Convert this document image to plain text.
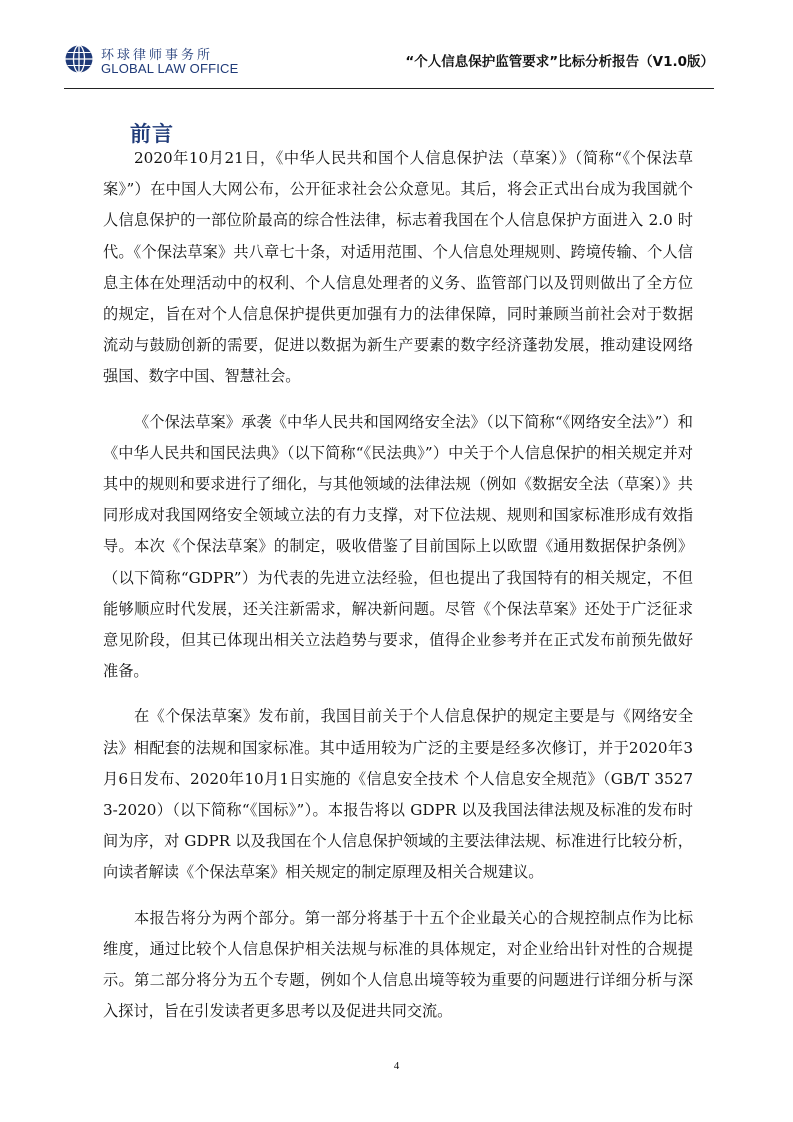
环球律师事务所
GLOBAL LAW OFFICE	“个人信息保护监管要求”比标分析报告（V1.0版）
前言

2020年10月21日，《中华人民共和国个人信息保护法（草案）》（简称“《个保法草案》”）在中国人大网公布，公开征求社会公众意见。其后，将会正式出台成为我国就个人信息保护的一部位阶最高的综合性法律，标志着我国在个人信息保护方面进入 2.0 时代。《个保法草案》共八章七十条，对适用范围、个人信息处理规则、跨境传输、个人信息主体在处理活动中的权利、个人信息处理者的义务、监管部门以及罚则做出了全方位的规定，旨在对个人信息保护提供更加强有力的法律保障，同时兼顾当前社会对于数据流动与鼓励创新的需要，促进以数据为新生产要素的数字经济蓬勃发展，推动建设网络强国、数字中国、智慧社会。

《个保法草案》承袭《中华人民共和国网络安全法》（以下简称“《网络安全法》”）和《中华人民共和国民法典》（以下简称“《民法典》”）中关于个人信息保护的相关规定并对其中的规则和要求进行了细化，与其他领域的法律法规（例如《数据安全法（草案）》共同形成对我国网络安全领域立法的有力支撑，对下位法规、规则和国家标准形成有效指导。本次《个保法草案》的制定，吸收借鉴了目前国际上以欧盟《通用数据保护条例》（以下简称“GDPR”）为代表的先进立法经验，但也提出了我国特有的相关规定，不但能够顺应时代发展，还关注新需求，解决新问题。尽管《个保法草案》还处于广泛征求意见阶段，但其已体现出相关立法趋势与要求，值得企业参考并在正式发布前预先做好准备。

在《个保法草案》发布前，我国目前关于个人信息保护的规定主要是与《网络安全法》相配套的法规和国家标准。其中适用较为广泛的主要是经多次修订，并于2020年3月6日发布、2020年10月1日实施的《信息安全技术 个人信息安全规范》（GB/T 35273-2020）（以下简称“《国标》”）。本报告将以 GDPR 以及我国法律法规及标准的发布时间为序，对 GDPR 以及我国在个人信息保护领域的主要法律法规、标准进行比较分析，向读者解读《个保法草案》相关规定的制定原理及相关合规建议。

本报告将分为两个部分。第一部分将基于十五个企业最关心的合规控制点作为比标维度，通过比较个人信息保护相关法规与标准的具体规定，对企业给出针对性的合规提示。第二部分将分为五个专题，例如个人信息出境等较为重要的问题进行详细分析与深入探讨，旨在引发读者更多思考以及促进共同交流。

4
